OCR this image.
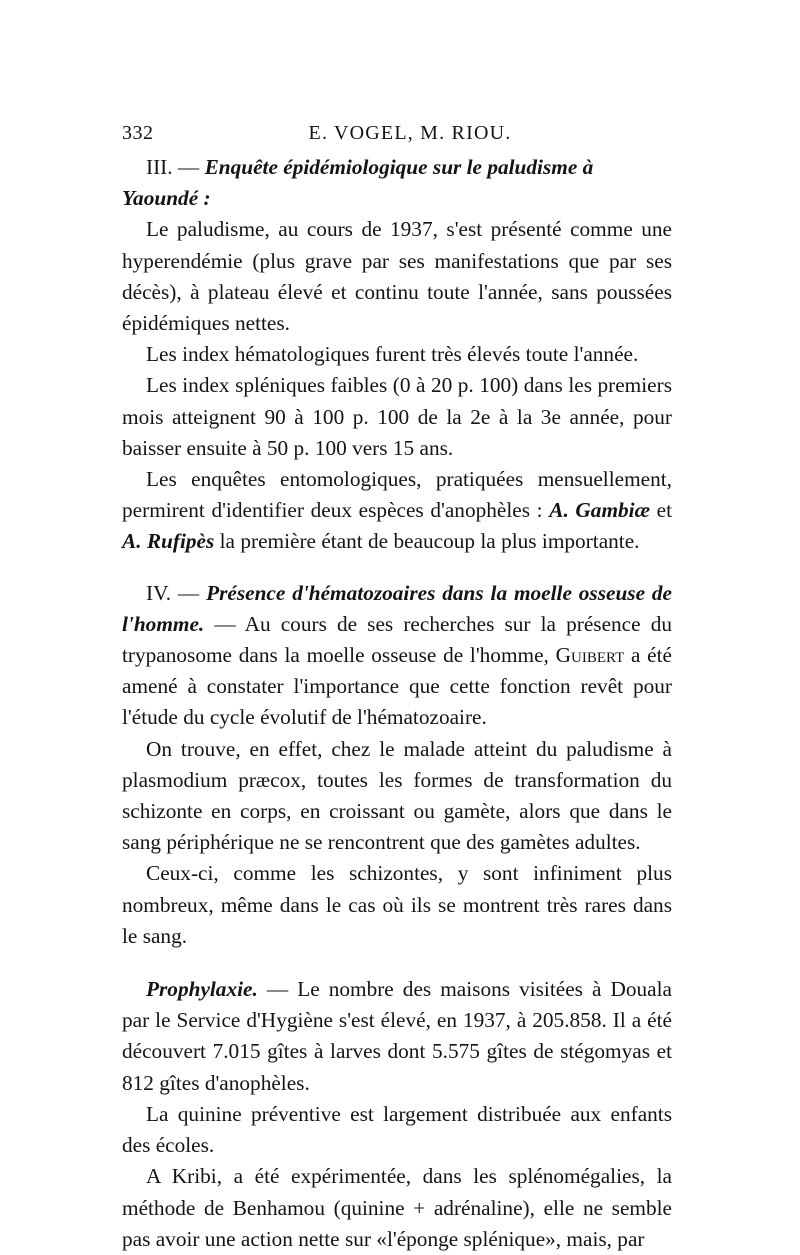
332	E. VOGEL, M. RIOU.

III. — Enquête épidémiologique sur le paludisme à Yaoundé :

Le paludisme, au cours de 1937, s'est présenté comme une hyperendémie (plus grave par ses manifestations que par ses décès), à plateau élevé et continu toute l'année, sans poussées épidémiques nettes.

Les index hématologiques furent très élevés toute l'année.

Les index spléniques faibles (0 à 20 p. 100) dans les premiers mois atteignent 90 à 100 p. 100 de la 2e à la 3e année, pour baisser ensuite à 50 p. 100 vers 15 ans.

Les enquêtes entomologiques, pratiquées mensuellement, permirent d'identifier deux espèces d'anophèles : A. Gambiæ et A. Rufipès la première étant de beaucoup la plus importante.

IV. — Présence d'hématozoaires dans la moelle osseuse de l'homme. — Au cours de ses recherches sur la présence du trypanosome dans la moelle osseuse de l'homme, Guibert a été amené à constater l'importance que cette fonction revêt pour l'étude du cycle évolutif de l'hématozoaire.

On trouve, en effet, chez le malade atteint du paludisme à plasmodium præcox, toutes les formes de transformation du schizonte en corps, en croissant ou gamète, alors que dans le sang périphérique ne se rencontrent que des gamètes adultes.

Ceux-ci, comme les schizontes, y sont infiniment plus nombreux, même dans le cas où ils se montrent très rares dans le sang.

Prophylaxie. — Le nombre des maisons visitées à Douala par le Service d'Hygiène s'est élevé, en 1937, à 205.858. Il a été découvert 7.015 gîtes à larves dont 5.575 gîtes de stégomyas et 812 gîtes d'anophèles.

La quinine préventive est largement distribuée aux enfants des écoles.

A Kribi, a été expérimentée, dans les splénomégalies, la méthode de Benhamou (quinine + adrénaline), elle ne semble pas avoir une action nette sur «l'éponge splénique», mais, par
